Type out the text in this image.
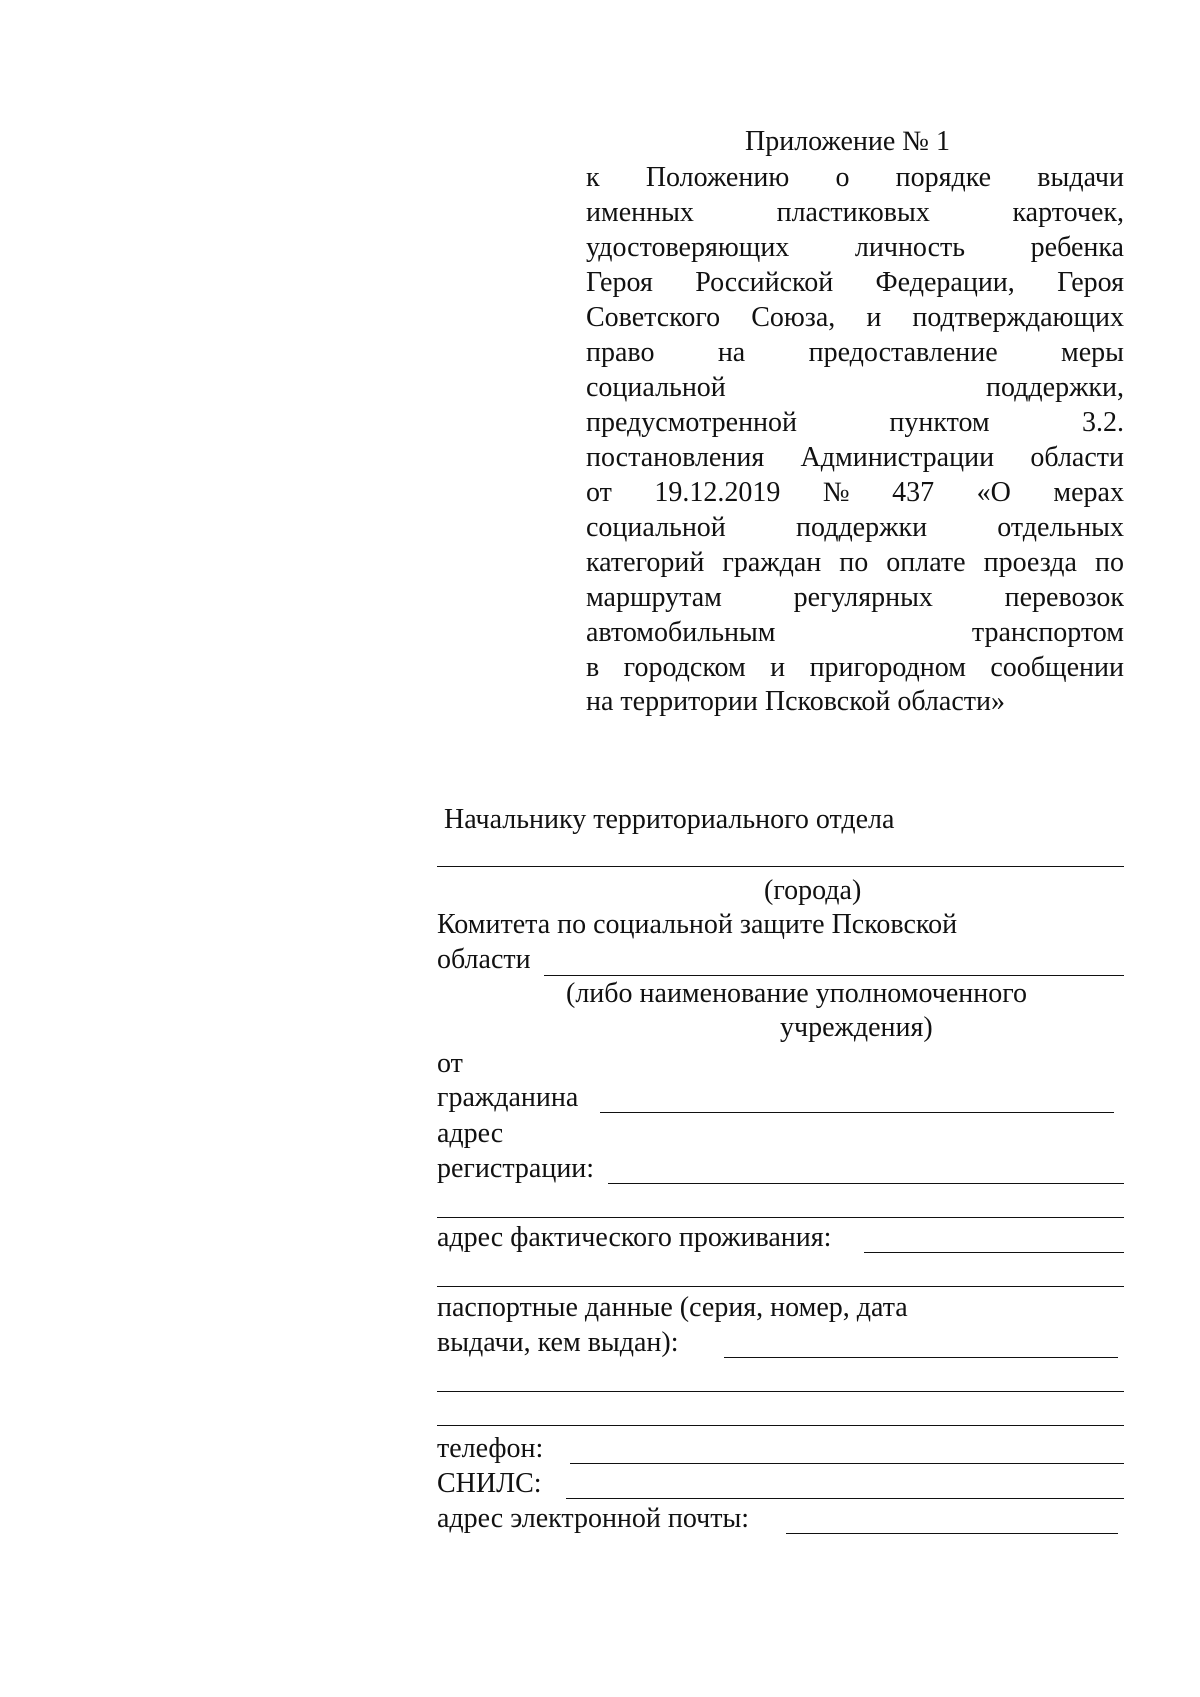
Приложение № 1
к Положению о порядке выдачи
именных	пластиковых	карточек,
удостоверяющих личность ребенка
Героя Российской Федерации, Героя
Советского Союза, и подтверждающих
право на предоставление меры
социальной	поддержки,
предусмотренной	пунктом	3.2.
постановления Администрации области
от 19.12.2019 № 437 «О мерах
социальной	поддержки	отдельных
категорий граждан по оплате проезда по
маршрутам	регулярных	перевозок
автомобильным	транспортом
в городском и пригородном сообщении
на территории Псковской области»
Начальнику территориального отдела
(города)
Комитета по социальной защите Псковской
области
(либо наименование уполномоченного
учреждения)
от
гражданина
адрес
регистрации:
адрес фактического проживания:
паспортные данные (серия, номер, дата
выдачи, кем выдан):
телефон:
СНИЛС:
адрес электронной почты:
